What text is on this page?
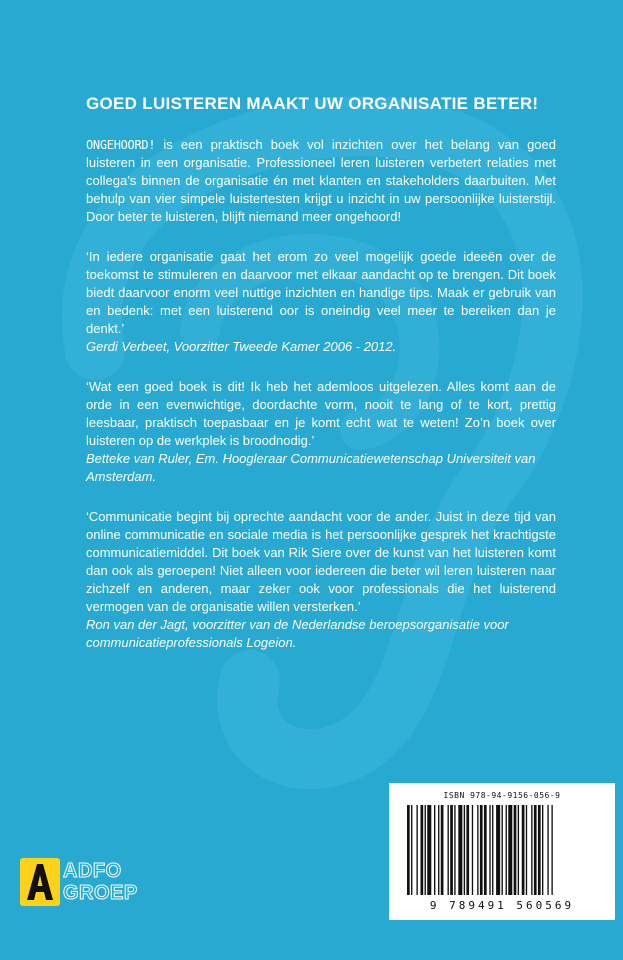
GOED LUISTEREN MAAKT UW ORGANISATIE BETER!

ONGEHOORD! is een praktisch boek vol inzichten over het belang van goed luisteren in een organisatie. Professioneel leren luisteren verbetert relaties met collega’s binnen de organisatie én met klanten en stakeholders daarbuiten. Met behulp van vier simpele luistertesten krijgt u inzicht in uw persoonlijke luisterstijl. Door beter te luisteren, blijft niemand meer ongehoord!

‘In iedere organisatie gaat het erom zo veel mogelijk goede ideeën over de toekomst te stimuleren en daarvoor met elkaar aandacht op te brengen. Dit boek biedt daarvoor enorm veel nuttige inzichten en handige tips. Maak er gebruik van en bedenk: met een luisterend oor is oneindig veel meer te bereiken dan je denkt.’
Gerdi Verbeet, Voorzitter Tweede Kamer 2006 - 2012.

‘Wat een goed boek is dit! Ik heb het ademloos uitgelezen. Alles komt aan de orde in een evenwichtige, doordachte vorm, nooit te lang of te kort, prettig leesbaar, praktisch toepasbaar en je komt echt wat te weten! Zo’n boek over luisteren op de werkplek is broodnodig.’
Betteke van Ruler, Em. Hoogleraar Communicatiewetenschap Universiteit van Amsterdam.

‘Communicatie begint bij oprechte aandacht voor de ander. Juist in deze tijd van online communicatie en sociale media is het persoonlijke gesprek het krachtigste communicatiemiddel. Dit boek van Rik Siere over de kunst van het luisteren komt dan ook als geroepen! Niet alleen voor iedereen die beter wil leren luisteren naar zichzelf en anderen, maar zeker ook voor professionals die het luisterend vermogen van de organisatie willen versterken.’
Ron van der Jagt, voorzitter van de Nederlandse beroepsorganisatie voor communicatieprofessionals Logeion.

ADFO
GROEP
ISBN 978-94-9156-056-9
9 789491 560569
